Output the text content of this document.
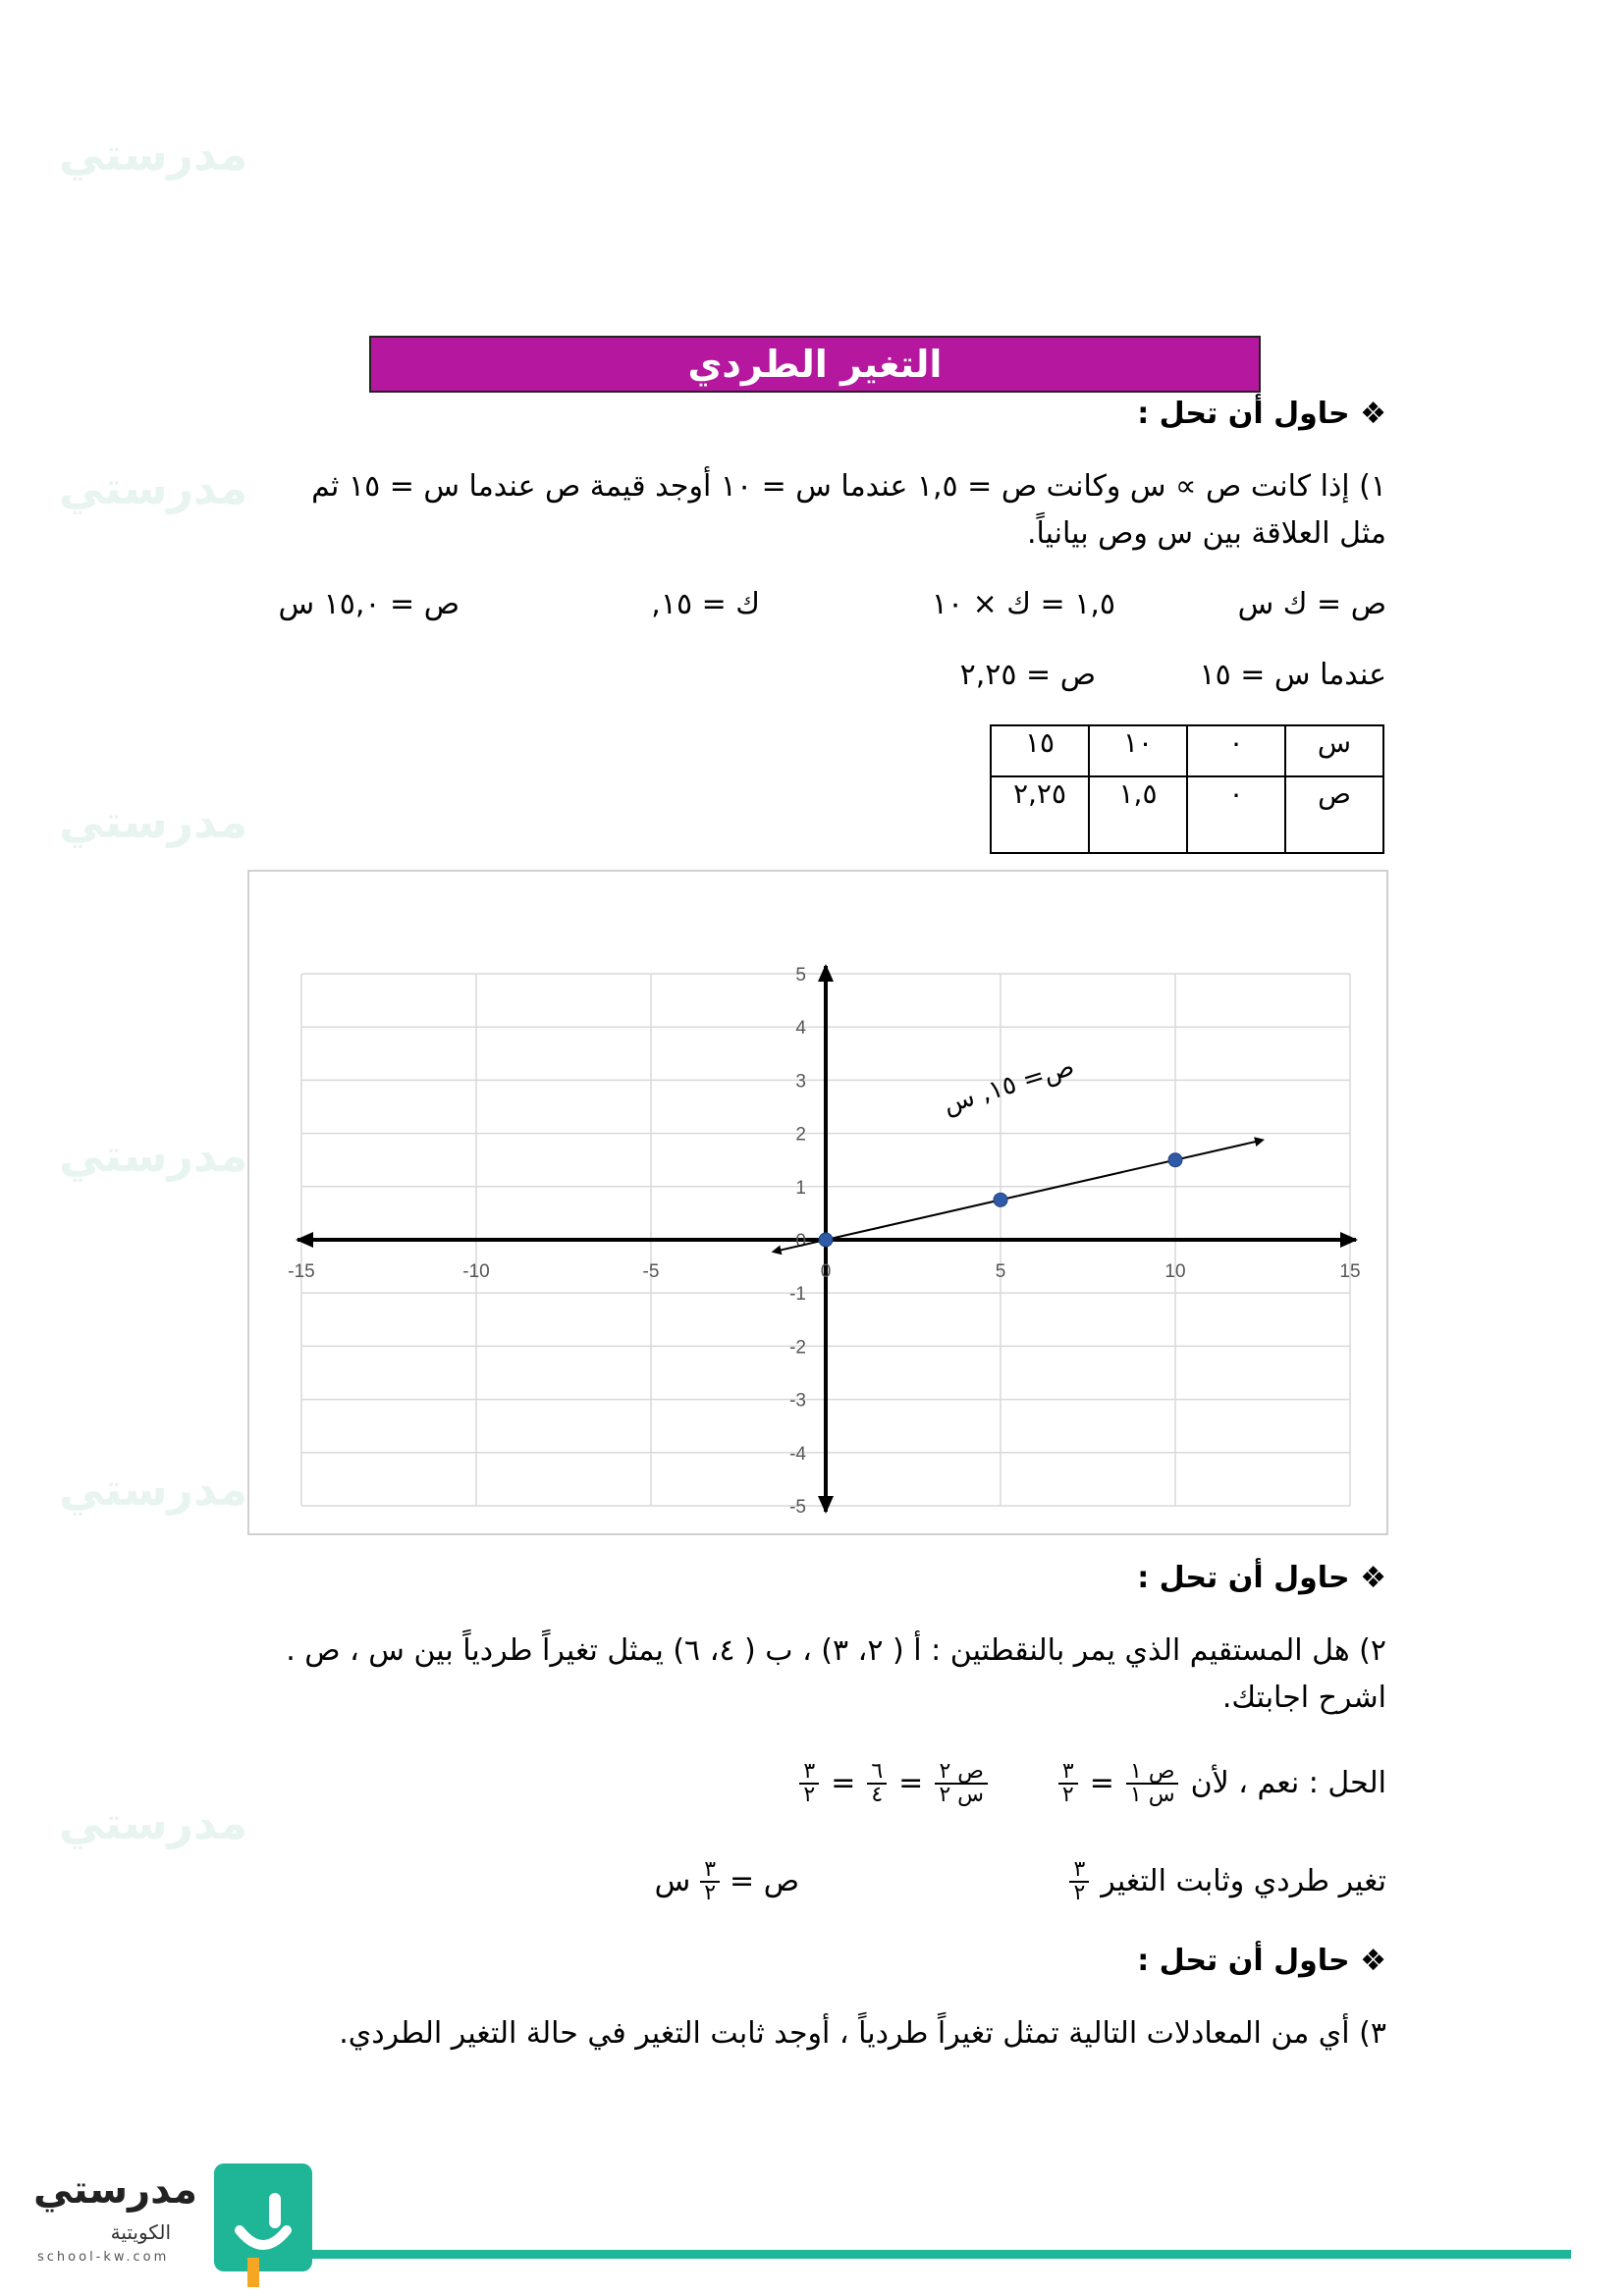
مدرستي
مدرستي
مدرستي
مدرستي
مدرستي
مدرستي
التغير الطردي
❖ حاول أن تحل :
١) إذا كانت ص ∝ س وكانت ص = ١,٥ عندما س = ١٠ أوجد قيمة ص عندما س = ١٥ ثم
مثل العلاقة بين س وص بيانياً.
ص = ك س
١,٥ = ك × ١٠
ك = ١٥,
ص = ١٥,٠ س
عندما س = ١٥
ص = ٢,٢٥
س	٠	١٠	١٥
ص	٠	١,٥	٢,٢٥
-15	-10	-5	0	5	10	15
5
4
3
2
1
0
-1
-2
-3
-4
-5
ص= ١٥, س
❖ حاول أن تحل :
٢) هل المستقيم الذي يمر بالنقطتين : أ ( ٢، ٣) ، ب ( ٤، ٦) يمثل تغيراً طردياً بين س ، ص .
اشرح اجابتك.
الحل : نعم ، لأن
$\frac{\text{ص ١}}{\text{س ١}}$
=
$\frac{٣}{٢}$
$\frac{\text{ص ٢}}{\text{س ٢}}$
=
$\frac{٦}{٤}$
=
$\frac{٣}{٢}$
تغير طردي وثابت التغير
$\frac{٣}{٢}$
ص =
$\frac{٣}{٢}$
س
❖ حاول أن تحل :
٣) أي من المعادلات التالية تمثل تغيراً طردياً ، أوجد ثابت التغير في حالة التغير الطردي.
مدرستي
الكويتية
school-kw.com
